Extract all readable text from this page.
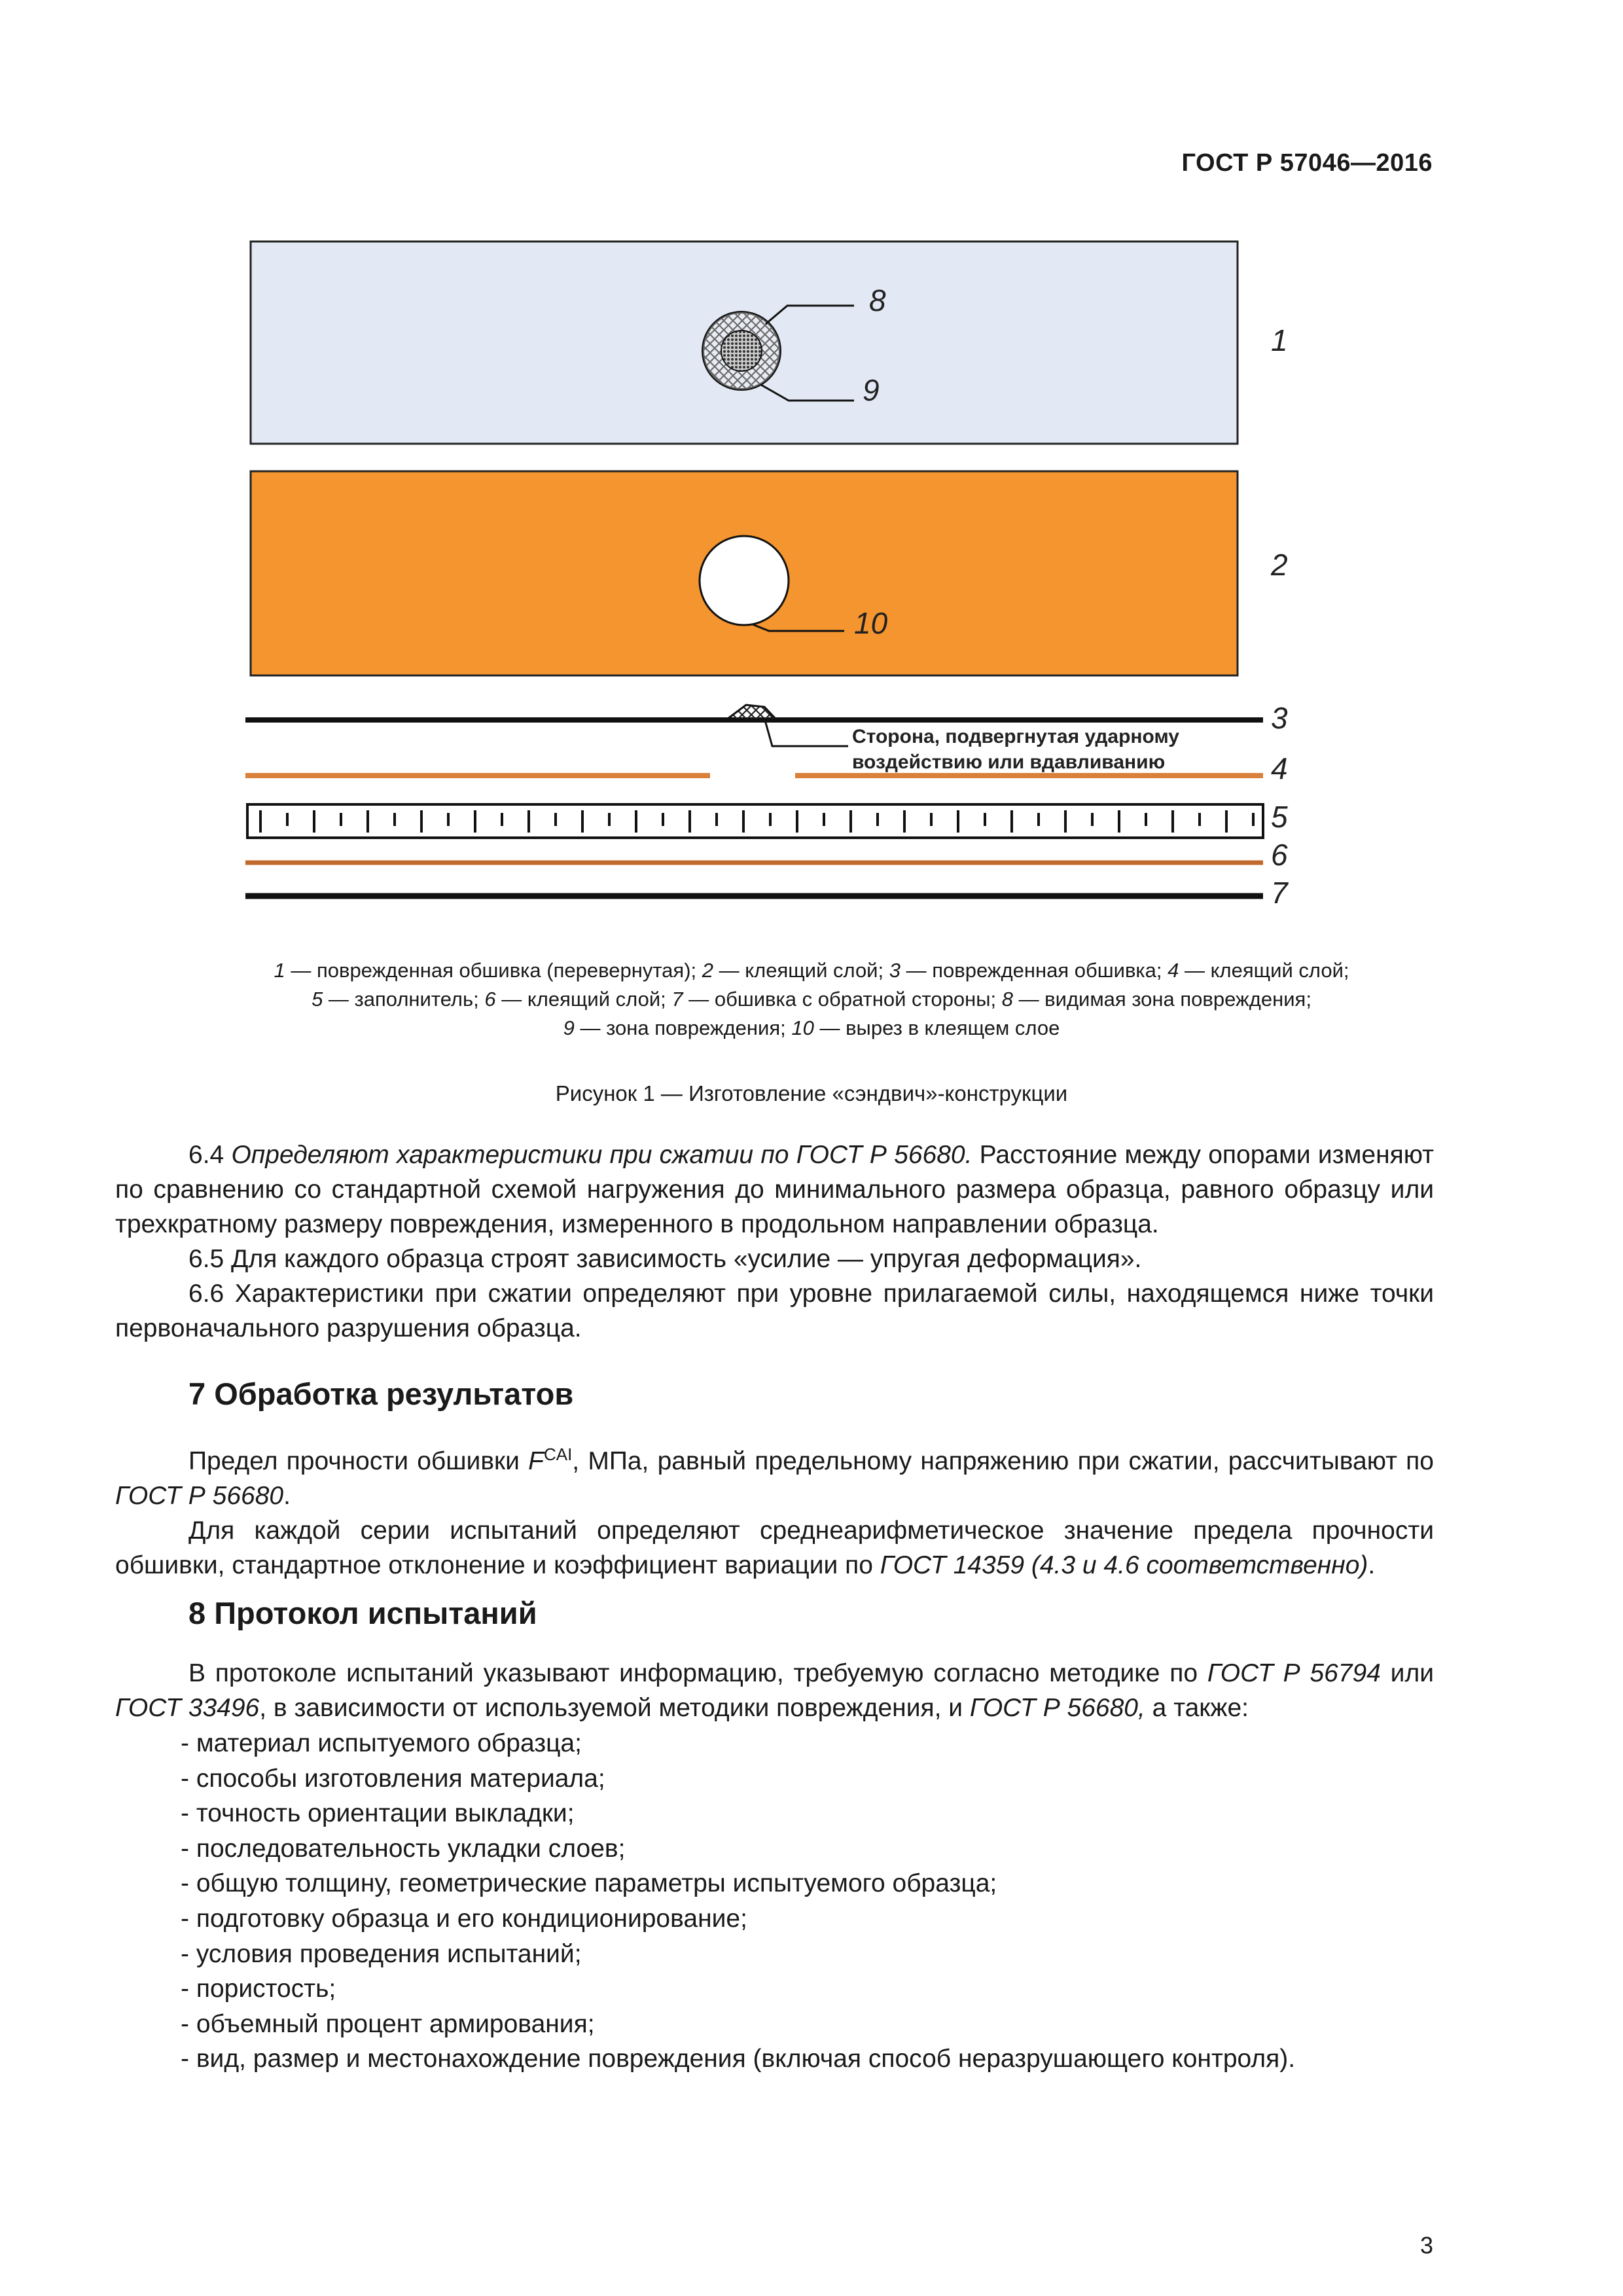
ГОСТ Р 57046—2016
8
9
10
1
2
3
4
5
6
7
Сторона, подвергнутая ударному
воздействию или вдавливанию
1 — поврежденная обшивка (перевернутая); 2 — клеящий слой; 3 — поврежденная обшивка; 4 — клеящий слой;
5 — заполнитель; 6 — клеящий слой; 7 — обшивка с обратной стороны; 8 — видимая зона повреждения;
9 — зона повреждения; 10 — вырез в клеящем слое
Рисунок 1 — Изготовление «сэндвич»-конструкции

6.4 Определяют характеристики при сжатии по ГОСТ Р 56680. Расстояние между опорами изменяют по сравнению со стандартной схемой нагружения до минимального размера образца, равного образцу или трехкратному размеру повреждения, измеренного в продольном направлении образца.

6.5 Для каждого образца строят зависимость «усилие — упругая деформация».

6.6 Характеристики при сжатии определяют при уровне прилагаемой силы, находящемся ниже точки первоначального разрушения образца.

7 Обработка результатов

Предел прочности обшивки $F^{CAI}$, МПа, равный предельному напряжению при сжатии, рассчитывают по ГОСТ Р 56680.

Для каждой серии испытаний определяют среднеарифметическое значение предела прочности обшивки, стандартное отклонение и коэффициент вариации по ГОСТ 14359 (4.3 и 4.6 соответственно).

8 Протокол испытаний

В протоколе испытаний указывают информацию, требуемую согласно методике по ГОСТ Р 56794 или ГОСТ 33496, в зависимости от используемой методики повреждения, и ГОСТ Р 56680, а также:

- материал испытуемого образца;
- способы изготовления материала;
- точность ориентации выкладки;
- последовательность укладки слоев;
- общую толщину, геометрические параметры испытуемого образца;
- подготовку образца и его кондиционирование;
- условия проведения испытаний;
- пористость;
- объемный процент армирования;
- вид, размер и местонахождение повреждения (включая способ неразрушающего контроля).
3
